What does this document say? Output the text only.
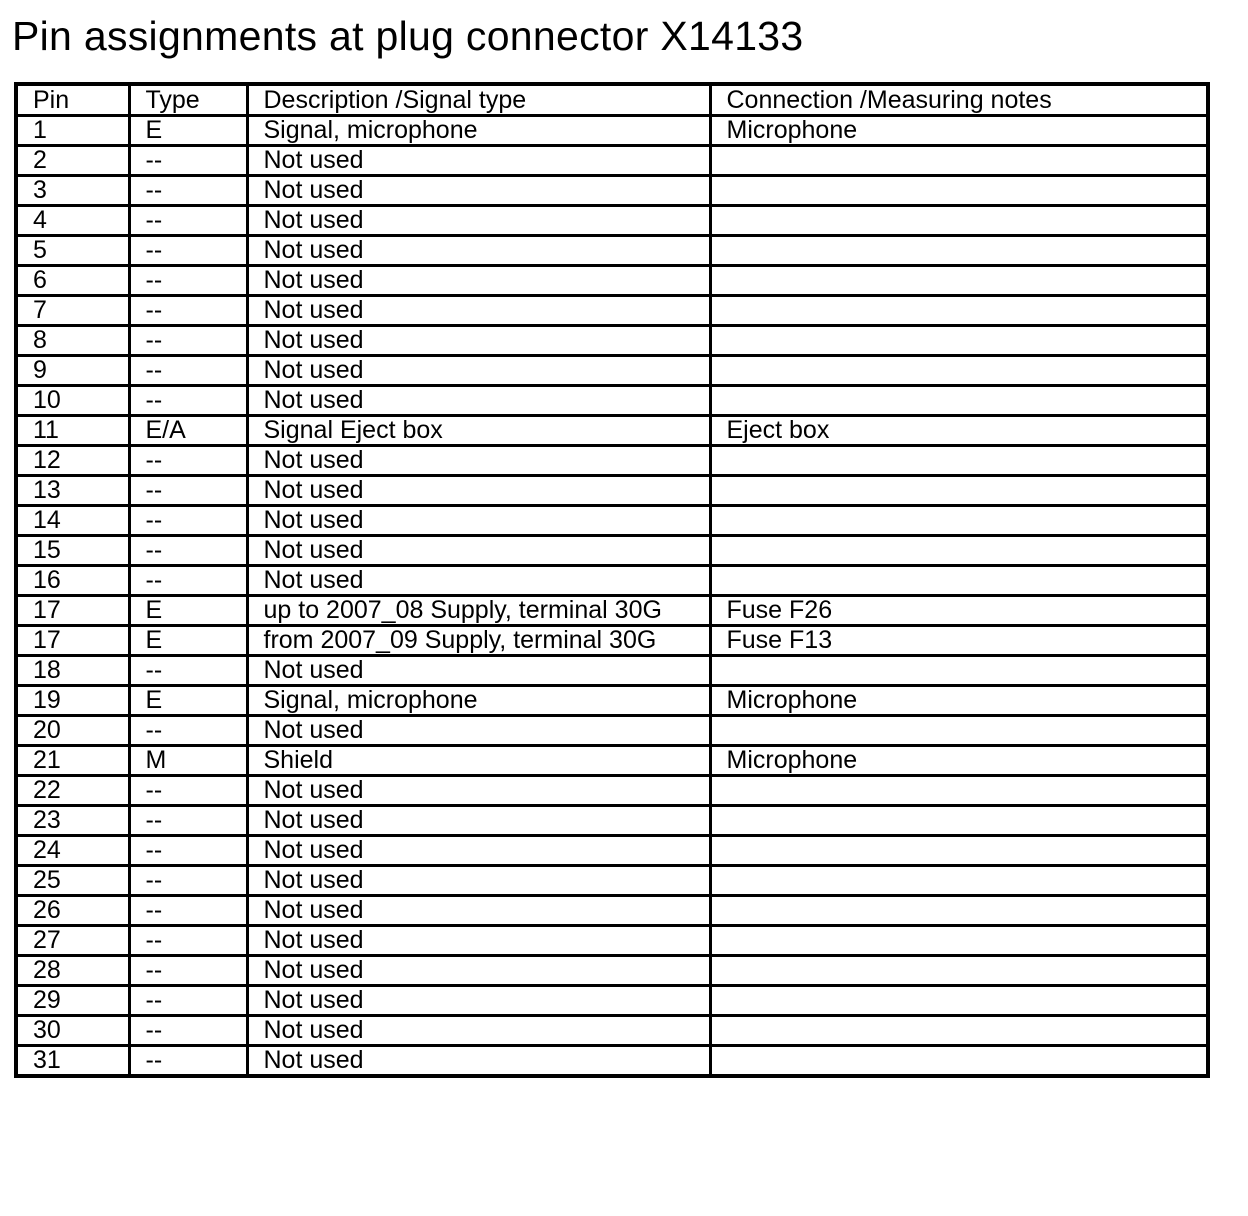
Pin assignments at plug connector X14133
Pin	Type	Description /Signal type	Connection /Measuring notes
1	E	Signal, microphone	Microphone
2	--	Not used	
3	--	Not used	
4	--	Not used	
5	--	Not used	
6	--	Not used	
7	--	Not used	
8	--	Not used	
9	--	Not used	
10	--	Not used	
11	E/A	Signal Eject box	Eject box
12	--	Not used	
13	--	Not used	
14	--	Not used	
15	--	Not used	
16	--	Not used	
17	E	up to 2007_08 Supply, terminal 30G	Fuse F26
17	E	from 2007_09 Supply, terminal 30G	Fuse F13
18	--	Not used	
19	E	Signal, microphone	Microphone
20	--	Not used	
21	M	Shield	Microphone
22	--	Not used	
23	--	Not used	
24	--	Not used	
25	--	Not used	
26	--	Not used	
27	--	Not used	
28	--	Not used	
29	--	Not used	
30	--	Not used	
31	--	Not used	
